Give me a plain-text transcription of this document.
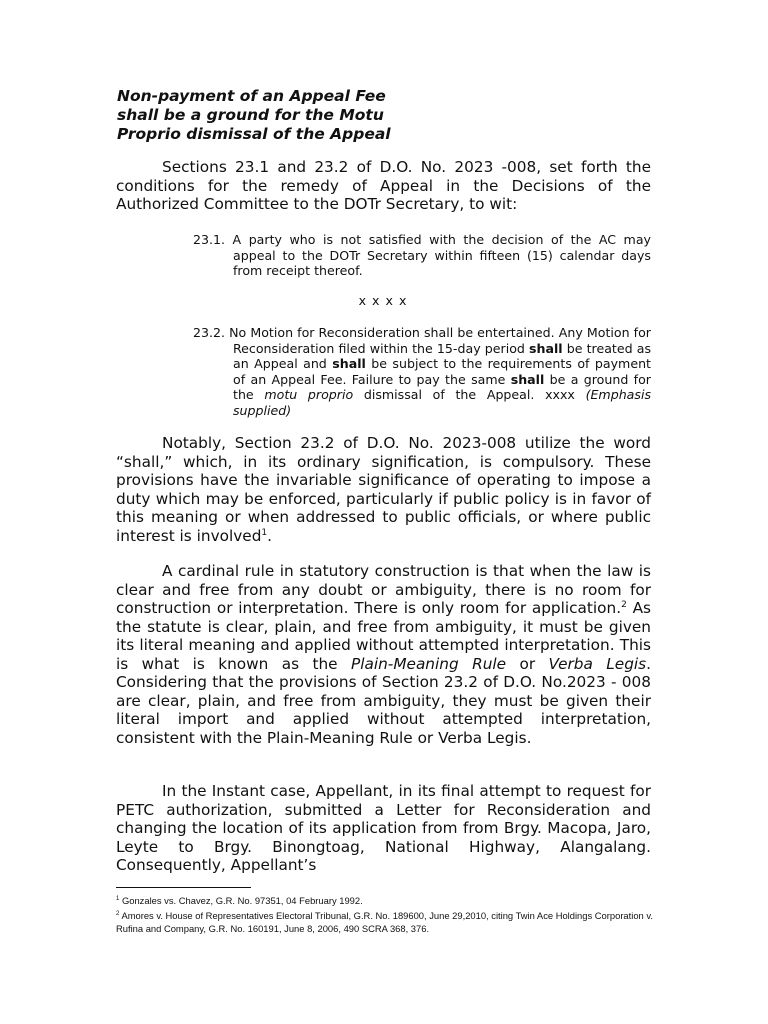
Non-payment of an Appeal Fee
shall be a ground for the Motu
Proprio dismissal of the Appeal
Sections 23.1 and 23.2 of D.O. No. 2023 -008, set forth the conditions for the remedy of Appeal in the Decisions of the Authorized Committee to the DOTr Secretary, to wit:
23.1. A party who is not satisfied with the decision of the AC may appeal to the DOTr Secretary within fifteen (15) calendar days from receipt thereof.
x x x x
23.2. No Motion for Reconsideration shall be entertained. Any Motion for Reconsideration filed within the 15-day period shall be treated as an Appeal and shall be subject to the requirements of payment of an Appeal Fee. Failure to pay the same shall be a ground for the motu proprio dismissal of the Appeal. xxxx (Emphasis supplied)
Notably, Section 23.2 of D.O. No. 2023-008 utilize the word “shall,” which, in its ordinary signification, is compulsory. These provisions have the invariable significance of operating to impose a duty which may be enforced, particularly if public policy is in favor of this meaning or when addressed to public officials, or where public interest is involved$^1$.
A cardinal rule in statutory construction is that when the law is clear and free from any doubt or ambiguity, there is no room for construction or interpretation. There is only room for application.$^2$ As the statute is clear, plain, and free from ambiguity, it must be given its literal meaning and applied without attempted interpretation. This is what is known as the Plain-Meaning Rule or Verba Legis. Considering that the provisions of Section 23.2 of D.O. No.2023 - 008 are clear, plain, and free from ambiguity, they must be given their literal import and applied without attempted interpretation, consistent with the Plain-Meaning Rule or Verba Legis.
In the Instant case, Appellant, in its final attempt to request for PETC authorization, submitted a Letter for Reconsideration and changing the location of its application from from Brgy. Macopa, Jaro, Leyte to Brgy. Binongtoag, National Highway, Alangalang. Consequently, Appellant’s
$^1$ Gonzales vs. Chavez, G.R. No. 97351, 04 February 1992.
$^2$ Amores v. House of Representatives Electoral Tribunal, G.R. No. 189600, June 29,2010, citing Twin Ace Holdings Corporation v. Rufina and Company, G.R. No. 160191, June 8, 2006, 490 SCRA 368, 376.
